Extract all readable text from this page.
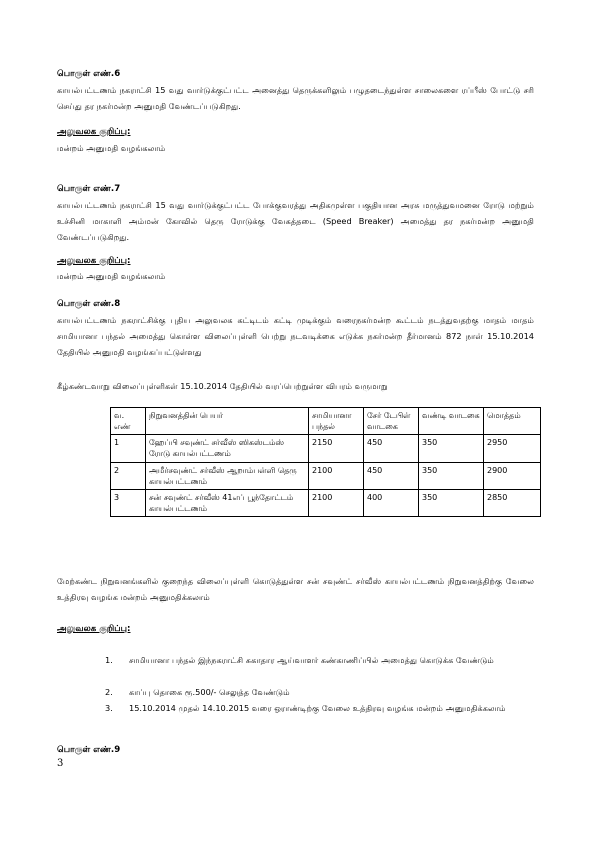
பொருள் எண்.6
காயல்பட்டணம் நகராட்சி 15 வது வார்டுக்குட்பட்ட அனைத்து தெருக்களிலும் பழுதடைந்துள்ள சாலைகளை ரப்பீஸ் போட்டு சரி செய்து தர நகர்மன்ற அனுமதி வேண்டப்படுகிறது.
அலுவலக குறிப்பு:
மன்றம் அனுமதி வழங்கலாம்
பொருள் எண்.7
காயல்பட்டணம் நகராட்சி 15 வது வார்டுக்குட்பட்ட போக்குவரத்து அதிகமுள்ள பகுதியான அரசு மருத்துவமனை ரோடு மற்றும் உச்சினி மாகாளி அம்மன் கோவில் தெரு ரோடுக்கு வேகத்தடை (Speed Breaker) அமைத்து தர நகர்மன்ற அனுமதி வேண்டப்படுகிறது.
அலுவலக குறிப்பு:
மன்றம் அனுமதி வழங்கலாம்
பொருள் எண்.8
காயல்பட்டணம் நகராட்சிக்கு புதிய அலுவலக கட்டிடம் கட்டி முடிக்கும் வரைநகர்மன்ற கூட்டம் நடத்துவதற்கு மாதம் மாதம் சாமியானா பந்தல் அமைத்து கொள்ள விலைப்புள்ளி பெற்று நடவடிக்கை எடுக்க நகர்மன்ற தீர்மானம் 872 நாள் 15.10.2014 தேதியில் அனுமதி வழங்கப்பட்டுள்ளது
கீழ்கண்டவாறு விலைப்புள்ளிகள் 15.10.2014 தேதியில் வரப்பெற்றுள்ள விபரம் வருமாறு
வ. எண்	நிறுவனத்தின் பெயர்	சாமியானா பந்தல்	சேர் டேபிள் வாடகை	வண்டி வாடகை	மொத்தம்
1	ஹேப்பி சவுண்ட் சர்வீஸ் ஸிகஸ்டம்ஸ் ரோடு காயல்பட்டணம்	2150	450	350	2950
2	அமீர்சவுண்ட் சர்வீஸ் ஆறாம்பள்ளி தெரு காயல்பட்டணம்	2100	450	350	2900
3	சன் சவுண்ட் சர்வீஸ் 41எப் பூந்தோட்டம் காயல்பட்டணம்	2100	400	350	2850
மேற்கண்ட நிறுவனங்களில் குறைந்த விலைப்புள்ளி கொடுத்துள்ள சன் சவுண்ட் சர்வீஸ் காயல்பட்டணம் நிறுவனத்திற்கு வேலை உத்திரவு வழங்க மன்றம் அனுமதிக்கலாம்
அலுவலக குறிப்பு:
1.	சாமியானா பந்தல் இந்நகராட்சி சுகாதார ஆய்வாளர் கண்காணிப்பில் அமைத்து கொடுக்க வேண்டும்
2.	காப்பு தொகை ரூ.500/- செலுத்த வேண்டும்
3.	15.10.2014 முதல் 14.10.2015 வரை ஒராண்டிற்கு வேலை உத்திரவு வழங்க மன்றம் அனுமதிக்கலாம்
பொருள் எண்.9
3
